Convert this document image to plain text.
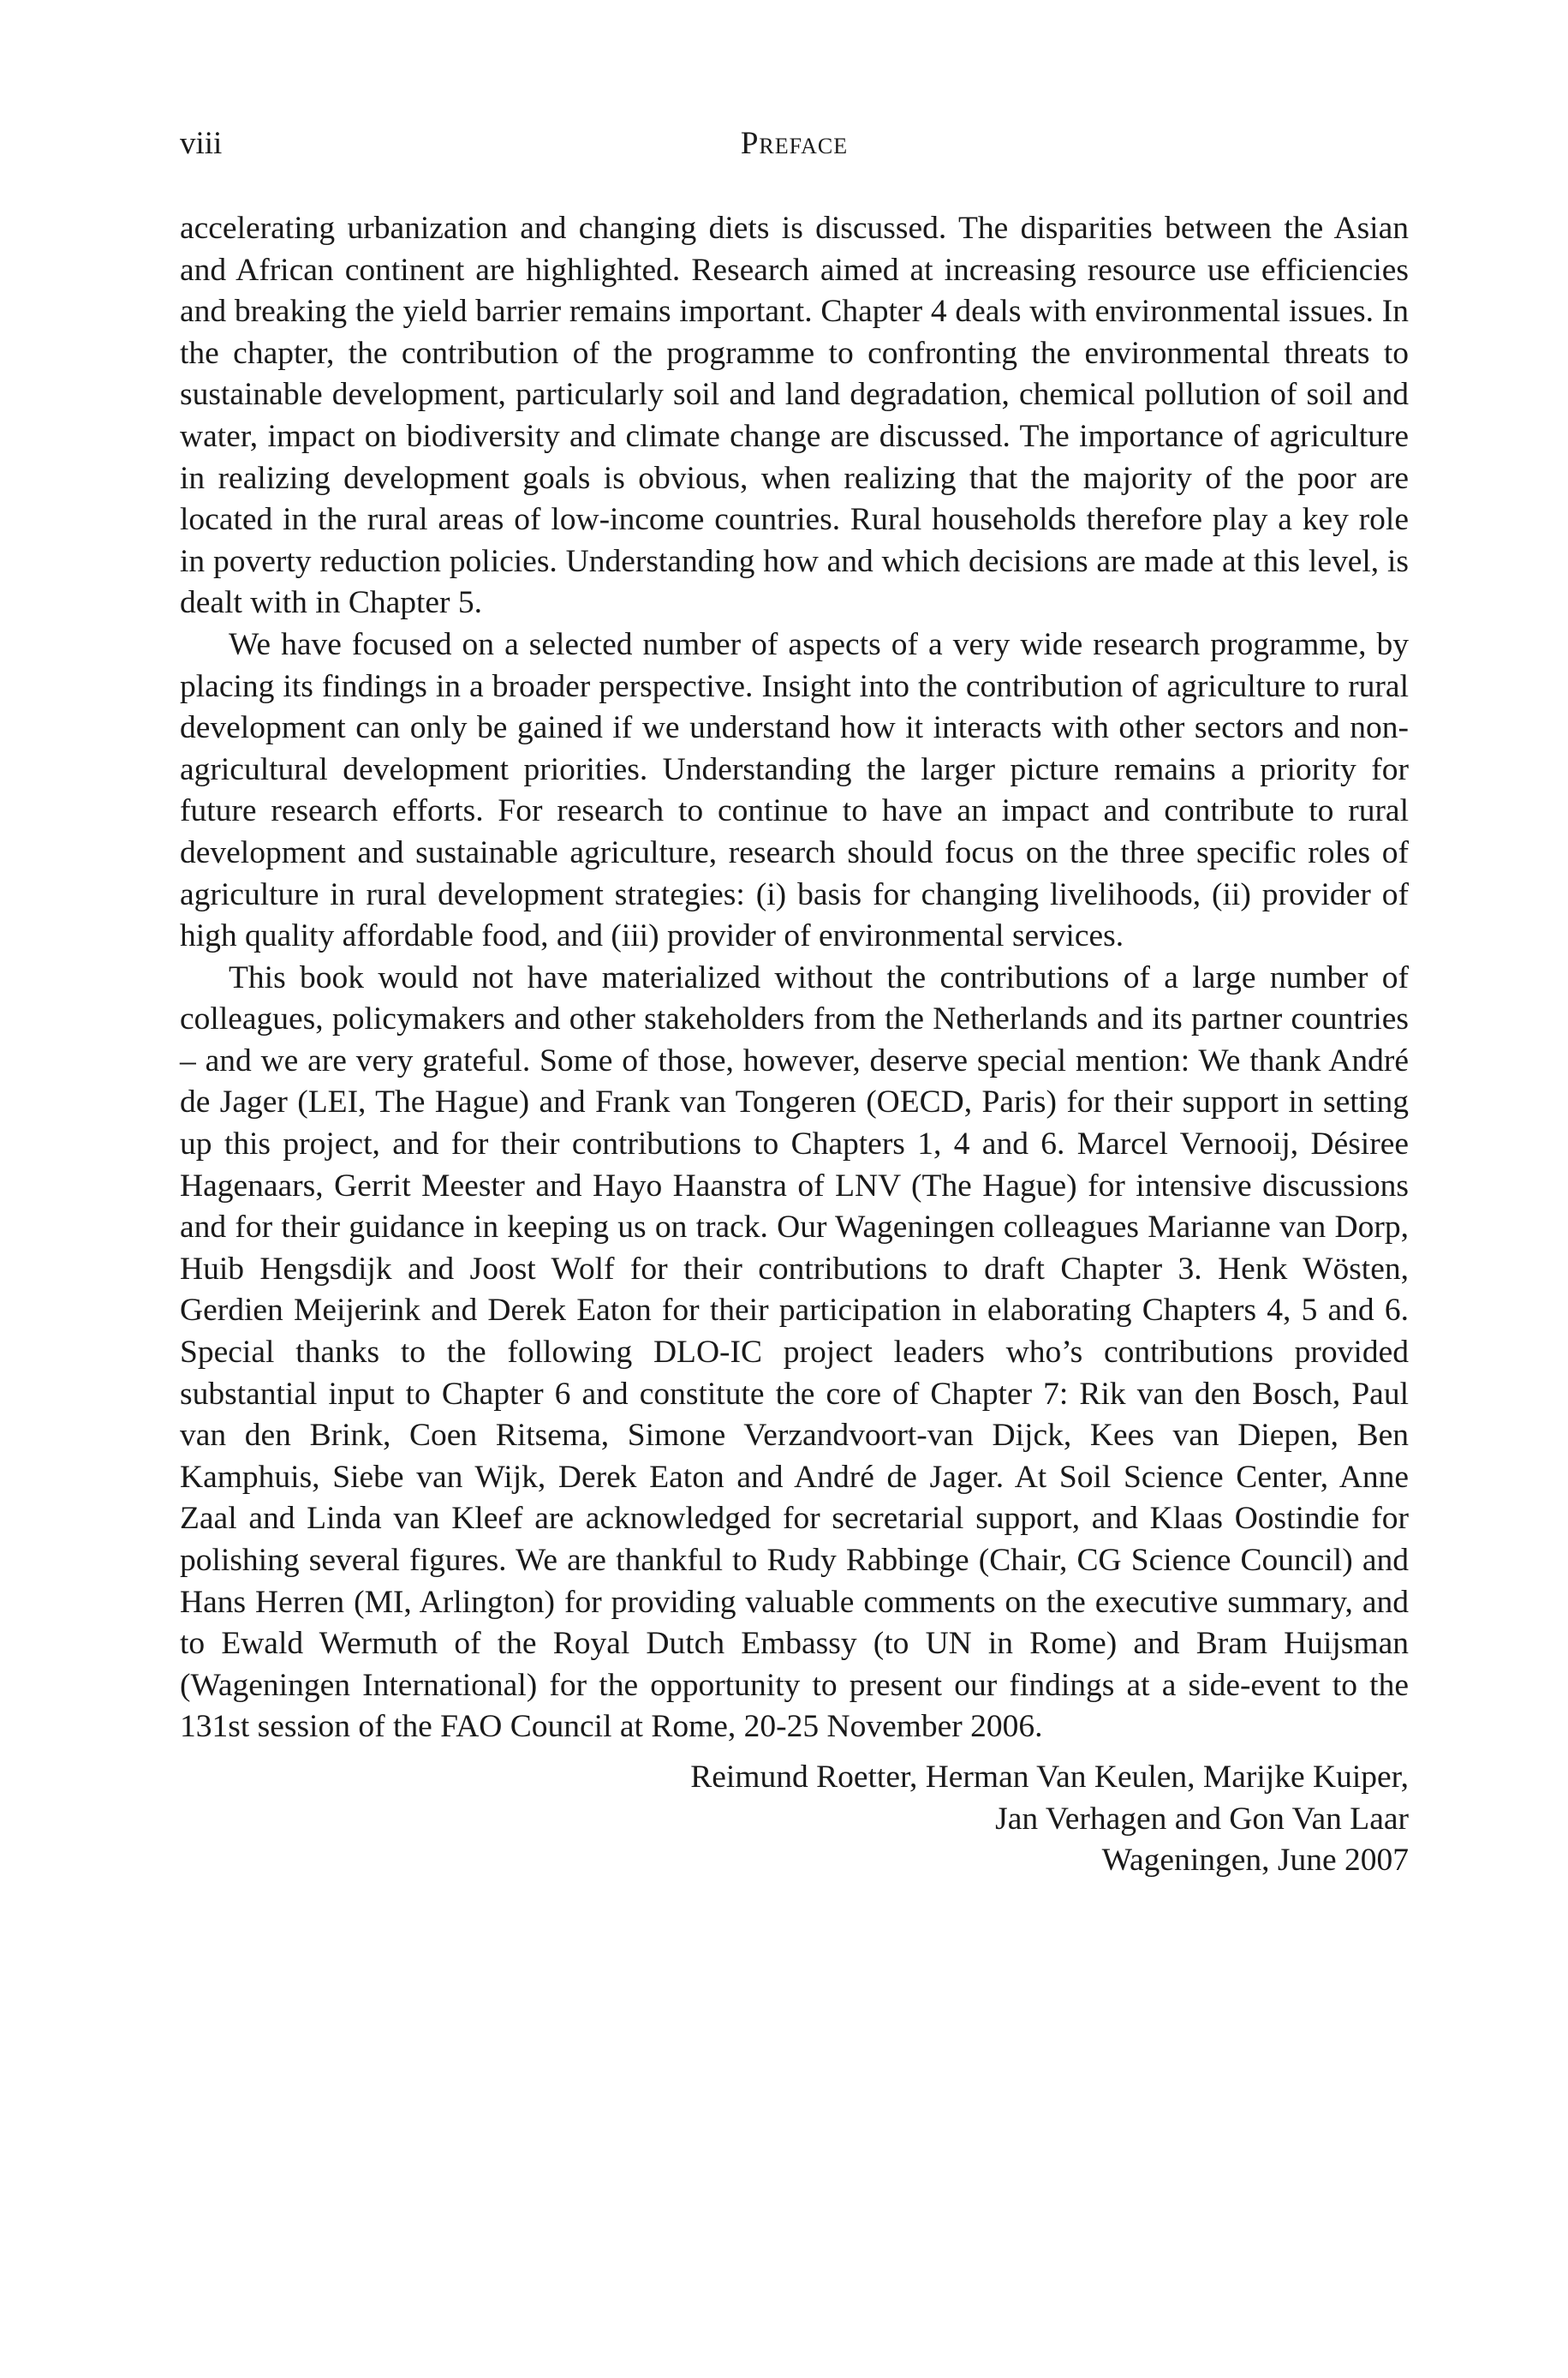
viii	Preface

accelerating urbanization and changing diets is discussed. The disparities between the Asian and African continent are highlighted. Research aimed at increasing resource use efficiencies and breaking the yield barrier remains important. Chapter 4 deals with environmental issues. In the chapter, the contribution of the programme to confronting the environmental threats to sustainable development, particularly soil and land degradation, chemical pollution of soil and water, impact on biodiversity and climate change are discussed. The importance of agriculture in realizing development goals is obvious, when realizing that the majority of the poor are located in the rural areas of low-income countries. Rural households therefore play a key role in poverty reduction policies. Understanding how and which decisions are made at this level, is dealt with in Chapter 5.

We have focused on a selected number of aspects of a very wide research programme, by placing its findings in a broader perspective. Insight into the contribution of agriculture to rural development can only be gained if we understand how it interacts with other sectors and non-agricultural development priorities. Understanding the larger picture remains a priority for future research efforts. For research to continue to have an impact and contribute to rural development and sustainable agriculture, research should focus on the three specific roles of agriculture in rural development strategies: (i) basis for changing livelihoods, (ii) provider of high quality affordable food, and (iii) provider of environmental services.

This book would not have materialized without the contributions of a large number of colleagues, policymakers and other stakeholders from the Netherlands and its partner countries – and we are very grateful. Some of those, however, deserve special mention: We thank André de Jager (LEI, The Hague) and Frank van Tongeren (OECD, Paris) for their support in setting up this project, and for their contributions to Chapters 1, 4 and 6. Marcel Vernooij, Désiree Hagenaars, Gerrit Meester and Hayo Haanstra of LNV (The Hague) for intensive discussions and for their guidance in keeping us on track. Our Wageningen colleagues Marianne van Dorp, Huib Hengsdijk and Joost Wolf for their contributions to draft Chapter 3. Henk Wösten, Gerdien Meijerink and Derek Eaton for their participation in elaborating Chapters 4, 5 and 6. Special thanks to the following DLO-IC project leaders who’s contributions provided substantial input to Chapter 6 and constitute the core of Chapter 7: Rik van den Bosch, Paul van den Brink, Coen Ritsema, Simone Verzandvoort-van Dijck, Kees van Diepen, Ben Kamphuis, Siebe van Wijk, Derek Eaton and André de Jager. At Soil Science Center, Anne Zaal and Linda van Kleef are acknowledged for secretarial support, and Klaas Oostindie for polishing several figures. We are thankful to Rudy Rabbinge (Chair, CG Science Council) and Hans Herren (MI, Arlington) for providing valuable comments on the executive summary, and to Ewald Wermuth of the Royal Dutch Embassy (to UN in Rome) and Bram Huijsman (Wageningen International) for the opportunity to present our findings at a side-event to the 131st session of the FAO Council at Rome, 20-25 November 2006.

Reimund Roetter, Herman Van Keulen, Marijke Kuiper,
Jan Verhagen and Gon Van Laar
Wageningen, June 2007
